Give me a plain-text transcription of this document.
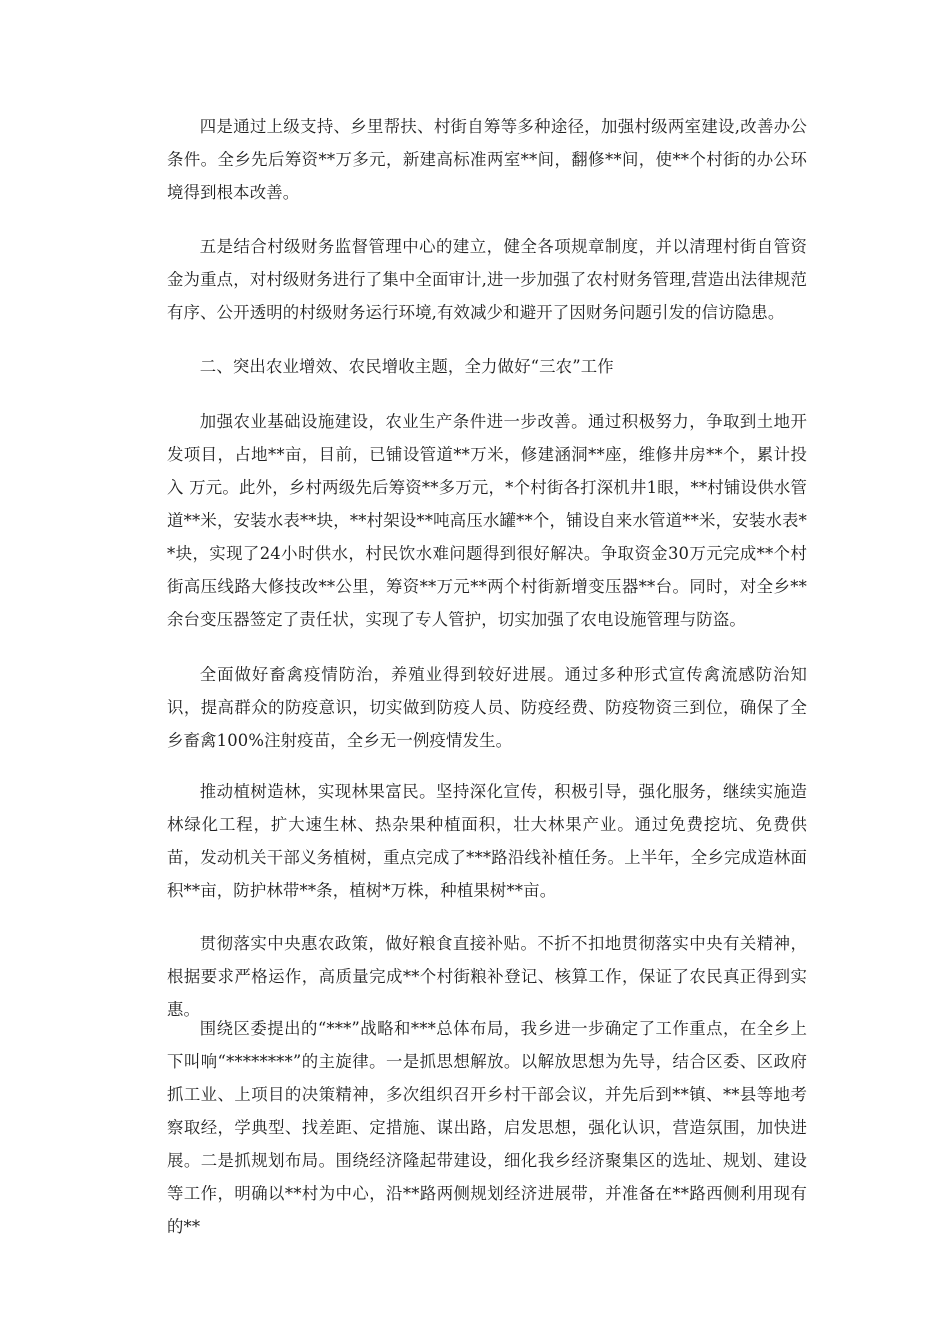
四是通过上级支持、乡里帮扶、村街自筹等多种途径，加强村级两室建设,改善办公条件。全乡先后筹资**万多元，新建高标准两室**间，翻修**间，使**个村街的办公环境得到根本改善。

五是结合村级财务监督管理中心的建立，健全各项规章制度，并以清理村街自管资金为重点，对村级财务进行了集中全面审计,进一步加强了农村财务管理,营造出法律规范有序、公开透明的村级财务运行环境,有效减少和避开了因财务问题引发的信访隐患。

二、突出农业增效、农民增收主题，全力做好“三农”工作

加强农业基础设施建设，农业生产条件进一步改善。通过积极努力，争取到土地开发项目，占地**亩，目前，已铺设管道**万米，修建涵洞**座，维修井房**个，累计投入 万元。此外，乡村两级先后筹资**多万元，*个村街各打深机井1眼，**村铺设供水管道**米，安装水表**块，**村架设**吨高压水罐**个，铺设自来水管道**米，安装水表**块，实现了24小时供水，村民饮水难问题得到很好解决。争取资金30万元完成**个村街高压线路大修技改**公里，筹资**万元**两个村街新增变压器**台。同时，对全乡**余台变压器签定了责任状，实现了专人管护，切实加强了农电设施管理与防盗。

全面做好畜禽疫情防治，养殖业得到较好进展。通过多种形式宣传禽流感防治知识，提高群众的防疫意识，切实做到防疫人员、防疫经费、防疫物资三到位，确保了全乡畜禽100%注射疫苗，全乡无一例疫情发生。

推动植树造林，实现林果富民。坚持深化宣传，积极引导，强化服务，继续实施造林绿化工程，扩大速生林、热杂果种植面积，壮大林果产业。通过免费挖坑、免费供苗，发动机关干部义务植树，重点完成了***路沿线补植任务。上半年，全乡完成造林面积**亩，防护林带**条，植树*万株，种植果树**亩。

贯彻落实中央惠农政策，做好粮食直接补贴。不折不扣地贯彻落实中央有关精神，根据要求严格运作，高质量完成**个村街粮补登记、核算工作，保证了农民真正得到实惠。

围绕区委提出的“***”战略和***总体布局，我乡进一步确定了工作重点，在全乡上下叫响“********”的主旋律。一是抓思想解放。以解放思想为先导，结合区委、区政府抓工业、上项目的决策精神，多次组织召开乡村干部会议，并先后到**镇、**县等地考察取经，学典型、找差距、定措施、谋出路，启发思想，强化认识，营造氛围，加快进展。二是抓规划布局。围绕经济隆起带建设，细化我乡经济聚集区的选址、规划、建设等工作，明确以**村为中心，沿**路两侧规划经济进展带，并准备在**路西侧利用现有的**
